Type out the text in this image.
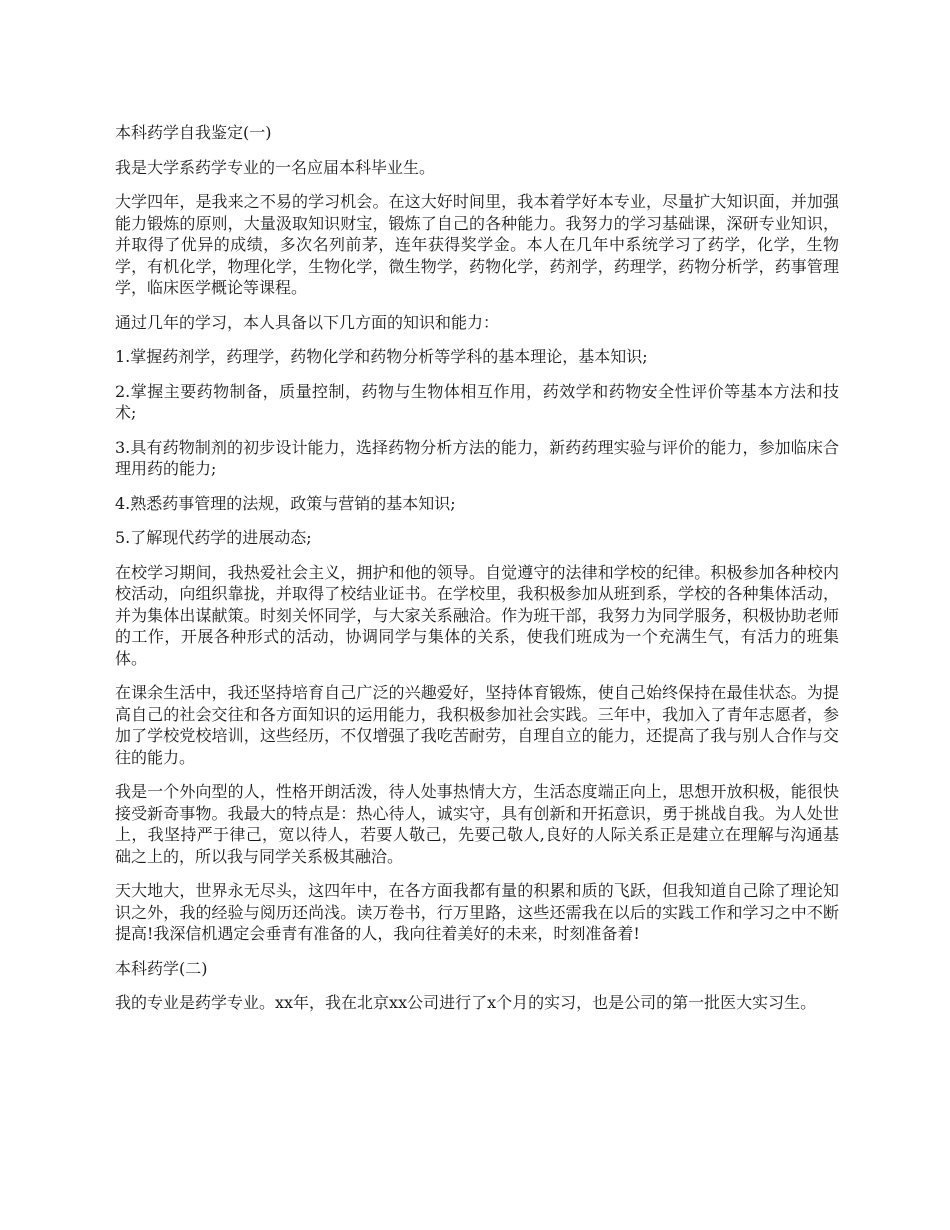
本科药学自我鉴定(一)

我是大学系药学专业的一名应届本科毕业生。

大学四年，是我来之不易的学习机会。在这大好时间里，我本着学好本专业，尽量扩大知识面，并加强能力锻炼的原则，大量汲取知识财宝，锻炼了自己的各种能力。我努力的学习基础课，深研专业知识，并取得了优异的成绩，多次名列前茅，连年获得奖学金。本人在几年中系统学习了药学，化学，生物学，有机化学，物理化学，生物化学，微生物学，药物化学，药剂学，药理学，药物分析学，药事管理学，临床医学概论等课程。

通过几年的学习，本人具备以下几方面的知识和能力：

1.掌握药剂学，药理学，药物化学和药物分析等学科的基本理论，基本知识;

2.掌握主要药物制备，质量控制，药物与生物体相互作用，药效学和药物安全性评价等基本方法和技术;

3.具有药物制剂的初步设计能力，选择药物分析方法的能力，新药药理实验与评价的能力，参加临床合理用药的能力;

4.熟悉药事管理的法规，政策与营销的基本知识;

5.了解现代药学的进展动态;

在校学习期间，我热爱社会主义，拥护和他的领导。自觉遵守的法律和学校的纪律。积极参加各种校内校活动，向组织靠拢，并取得了校结业证书。在学校里，我积极参加从班到系，学校的各种集体活动，并为集体出谋献策。时刻关怀同学，与大家关系融洽。作为班干部，我努力为同学服务，积极协助老师的工作，开展各种形式的活动，协调同学与集体的关系，使我们班成为一个充满生气，有活力的班集体。

在课余生活中，我还坚持培育自己广泛的兴趣爱好，坚持体育锻炼，使自己始终保持在最佳状态。为提高自己的社会交往和各方面知识的运用能力，我积极参加社会实践。三年中，我加入了青年志愿者，参加了学校党校培训，这些经历，不仅增强了我吃苦耐劳，自理自立的能力，还提高了我与别人合作与交往的能力。

我是一个外向型的人，性格开朗活泼，待人处事热情大方，生活态度端正向上，思想开放积极，能很快接受新奇事物。我最大的特点是：热心待人，诚实守，具有创新和开拓意识，勇于挑战自我。为人处世上，我坚持严于律己，宽以待人，若要人敬己，先要己敬人,良好的人际关系正是建立在理解与沟通基础之上的，所以我与同学关系极其融洽。

天大地大，世界永无尽头，这四年中，在各方面我都有量的积累和质的飞跃，但我知道自己除了理论知识之外，我的经验与阅历还尚浅。读万卷书，行万里路，这些还需我在以后的实践工作和学习之中不断提高!我深信机遇定会垂青有准备的人，我向往着美好的未来，时刻准备着!

本科药学(二)

我的专业是药学专业。xx年，我在北京xx公司进行了x个月的实习，也是公司的第一批医大实习生。
